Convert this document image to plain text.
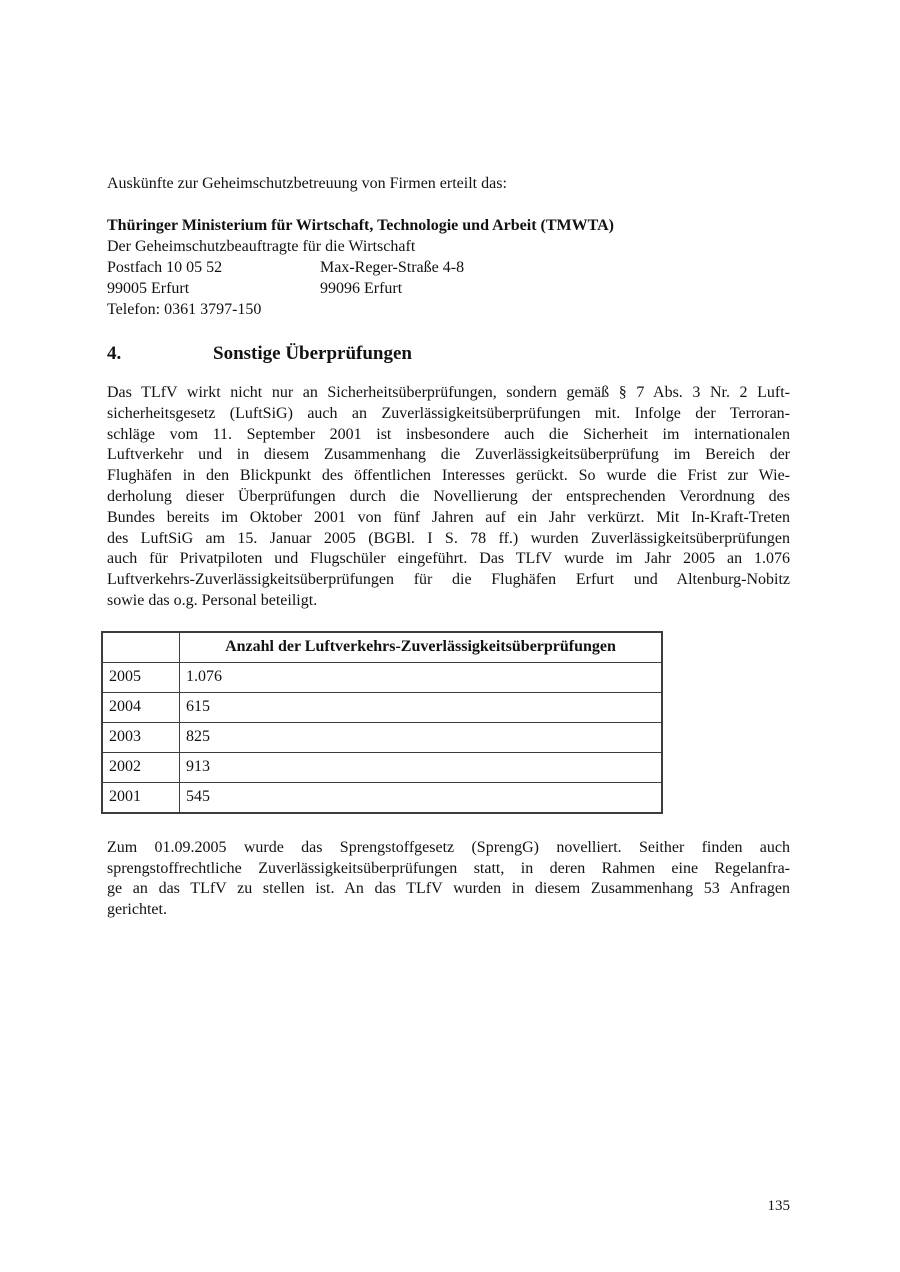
Auskünfte zur Geheimschutzbetreuung von Firmen erteilt das:

Thüringer Ministerium für Wirtschaft, Technologie und Arbeit (TMWTA)

Der Geheimschutzbeauftragte für die Wirtschaft

Postfach 10 05 52	Max-Reger-Straße 4-8
99005 Erfurt	99096 Erfurt

Telefon: 0361 3797-150

4.	Sonstige Überprüfungen
Das TLfV wirkt nicht nur an Sicherheitsüberprüfungen, sondern gemäß § 7 Abs. 3 Nr. 2 Luft-
sicherheitsgesetz (LuftSiG) auch an Zuverlässigkeitsüberprüfungen mit. Infolge der Terroran-
schläge vom 11. September 2001 ist insbesondere auch die Sicherheit im internationalen
Luftverkehr und in diesem Zusammenhang die Zuverlässigkeitsüberprüfung im Bereich der
Flughäfen in den Blickpunkt des öffentlichen Interesses gerückt. So wurde die Frist zur Wie-
derholung dieser Überprüfungen durch die Novellierung der entsprechenden Verordnung des
Bundes bereits im Oktober 2001 von fünf Jahren auf ein Jahr verkürzt. Mit In-Kraft-Treten
des LuftSiG am 15. Januar 2005 (BGBl. I S. 78 ff.) wurden Zuverlässigkeitsüberprüfungen
auch für Privatpiloten und Flugschüler eingeführt. Das TLfV wurde im Jahr 2005 an 1.076
Luftverkehrs-Zuverlässigkeitsüberprüfungen für die Flughäfen Erfurt und Altenburg-Nobitz
sowie das o.g. Personal beteiligt.
	Anzahl der Luftverkehrs-Zuverlässigkeitsüberprüfungen
2005	1.076
2004	615
2003	825
2002	913
2001	545
Zum 01.09.2005 wurde das Sprengstoffgesetz (SprengG) novelliert. Seither finden auch
sprengstoffrechtliche Zuverlässigkeitsüberprüfungen statt, in deren Rahmen eine Regelanfra-
ge an das TLfV zu stellen ist. An das TLfV wurden in diesem Zusammenhang 53 Anfragen
gerichtet.
135
